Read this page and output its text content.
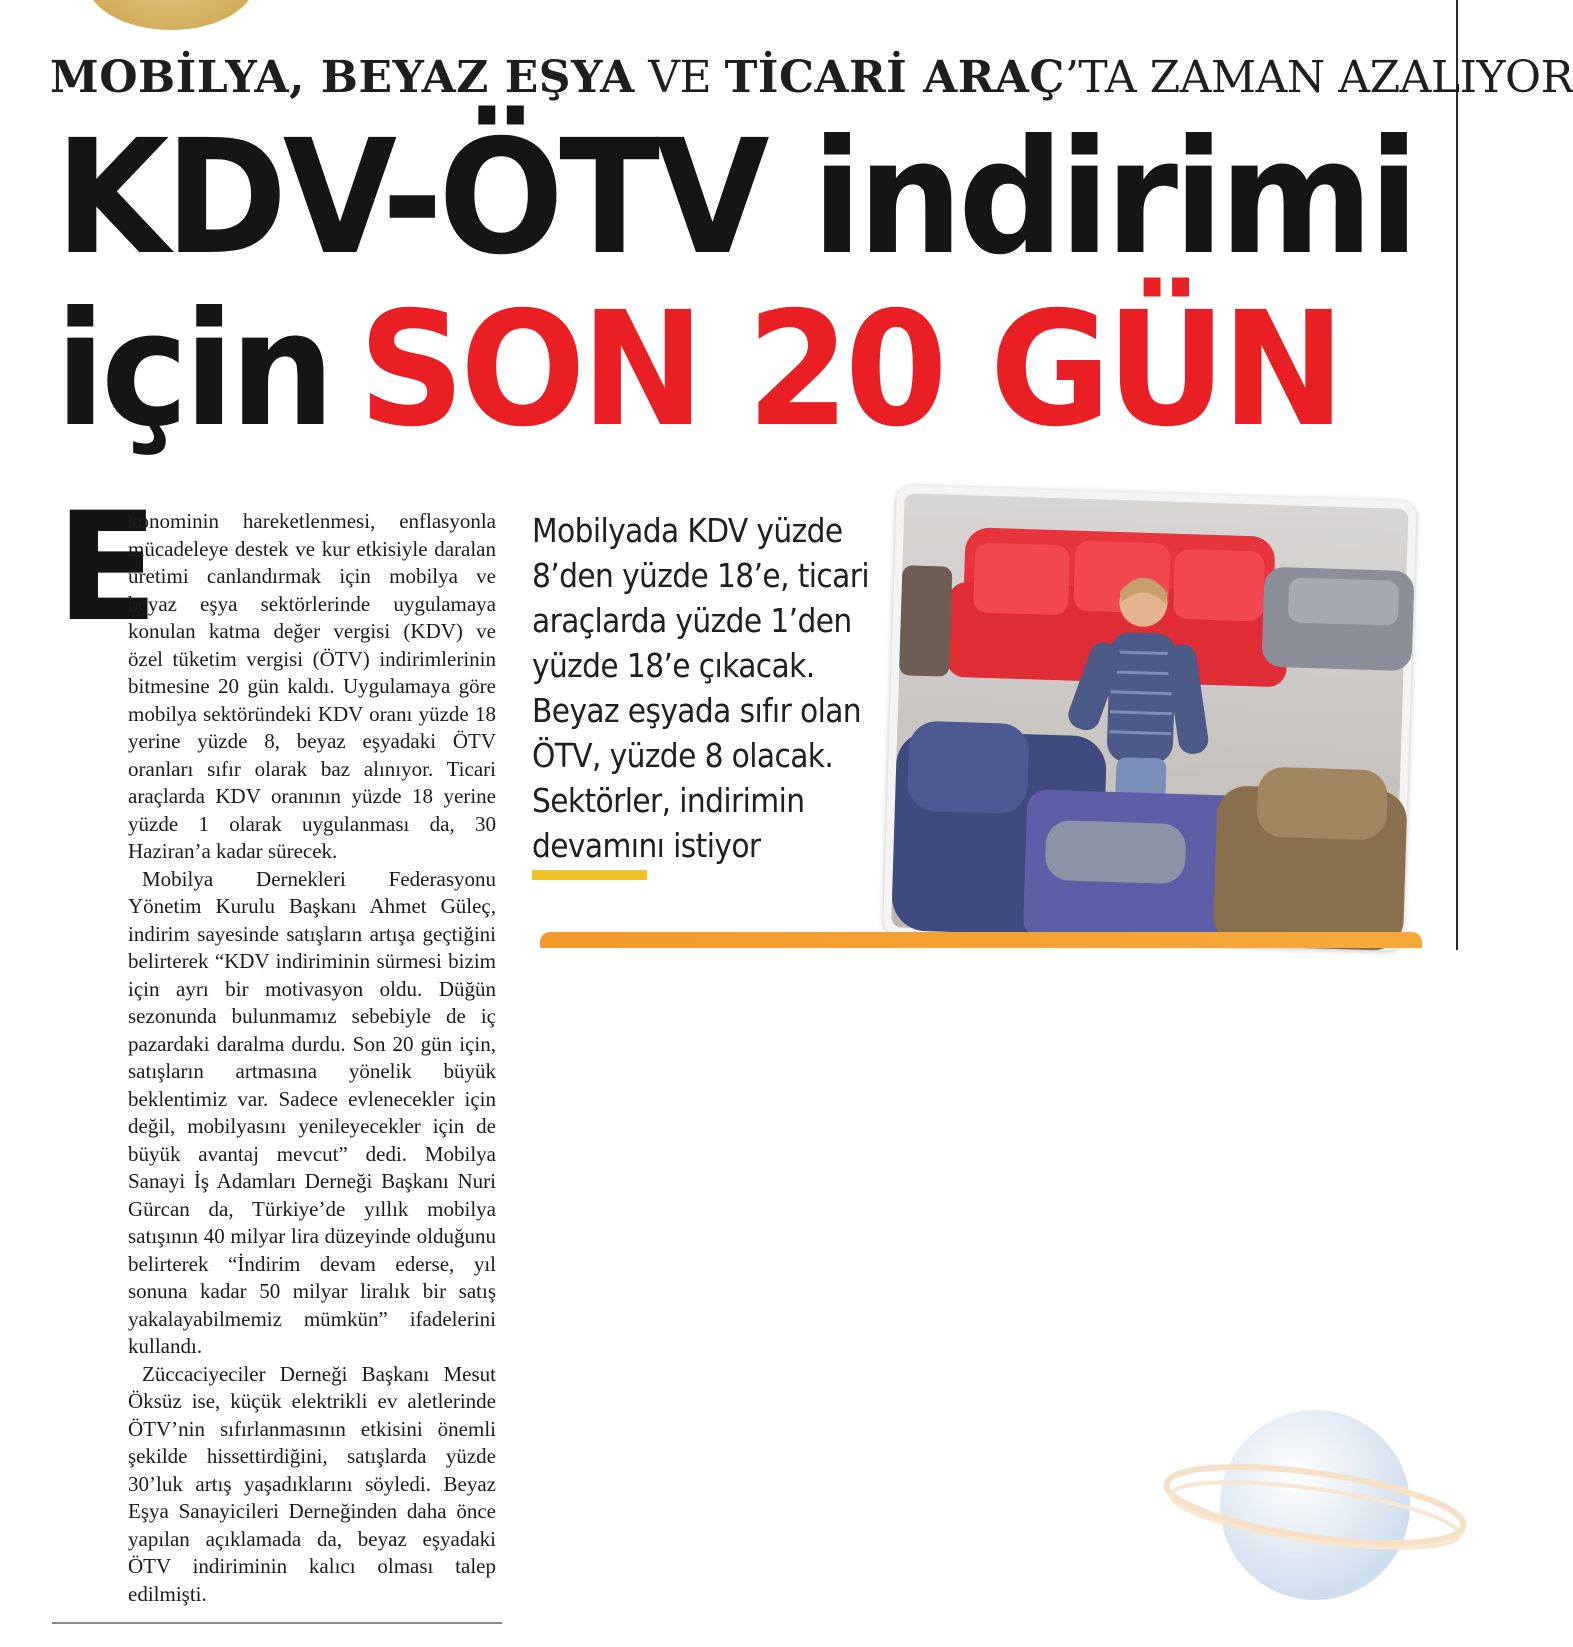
MOBİLYA, BEYAZ EŞYA VE TİCARİ ARAÇ’TA ZAMAN AZALIYOR
KDV-ÖTV indirimi
için SON 20 GÜN
E

konominin hareketlenmesi, enflasyonla mücadeleye destek ve kur etkisiyle daralan üretimi canlandırmak için mobilya ve beyaz eşya sektörlerinde uygulamaya konulan katma değer vergisi (KDV) ve özel tüketim vergisi (ÖTV) indirimlerinin bitmesine 20 gün kaldı. Uygulamaya göre mobilya sektöründeki KDV oranı yüzde 18 yerine yüzde 8, beyaz eşyadaki ÖTV oranları sıfır olarak baz alınıyor. Ticari araçlarda KDV oranının yüzde 18 yerine yüzde 1 olarak uygulanması da, 30 Haziran’a kadar sürecek.

Mobilya Dernekleri Federasyonu Yönetim Kurulu Başkanı Ahmet Güleç, indirim sayesinde satışların artışa geçtiğini belirterek “KDV indiriminin sürmesi bizim için ayrı bir motivasyon oldu. Düğün sezonunda bulunmamız sebebiyle de iç pazardaki daralma durdu. Son 20 gün için, satışların artmasına yönelik büyük beklentimiz var. Sadece evlenecekler için değil, mobilyasını yenileyecekler için de büyük avantaj mevcut” dedi. Mobilya Sanayi İş Adamları Derneği Başkanı Nuri Gürcan da, Türkiye’de yıllık mobilya satışının 40 milyar lira düzeyinde olduğunu belirterek “İndirim devam ederse, yıl sonuna kadar 50 milyar liralık bir satış yakalayabilmemiz mümkün” ifadelerini kullandı.

Züccaciyeciler Derneği Başkanı Mesut Öksüz ise, küçük elektrikli ev aletlerinde ÖTV’nin sıfırlanmasının etkisini önemli şekilde hissettirdiğini, satışlarda yüzde 30’luk artış yaşadıklarını söyledi. Beyaz Eşya Sanayicileri Derneğinden daha önce yapılan açıklamada da, beyaz eşyadaki ÖTV indiriminin kalıcı olması talep edilmişti.

Mobilyada KDV yüzde 8’den yüzde 18’e, ticari araçlarda yüzde 1’den yüzde 18’e çıkacak. Beyaz eşyada sıfır olan ÖTV, yüzde 8 olacak. Sektörler, indirimin devamını istiyor
